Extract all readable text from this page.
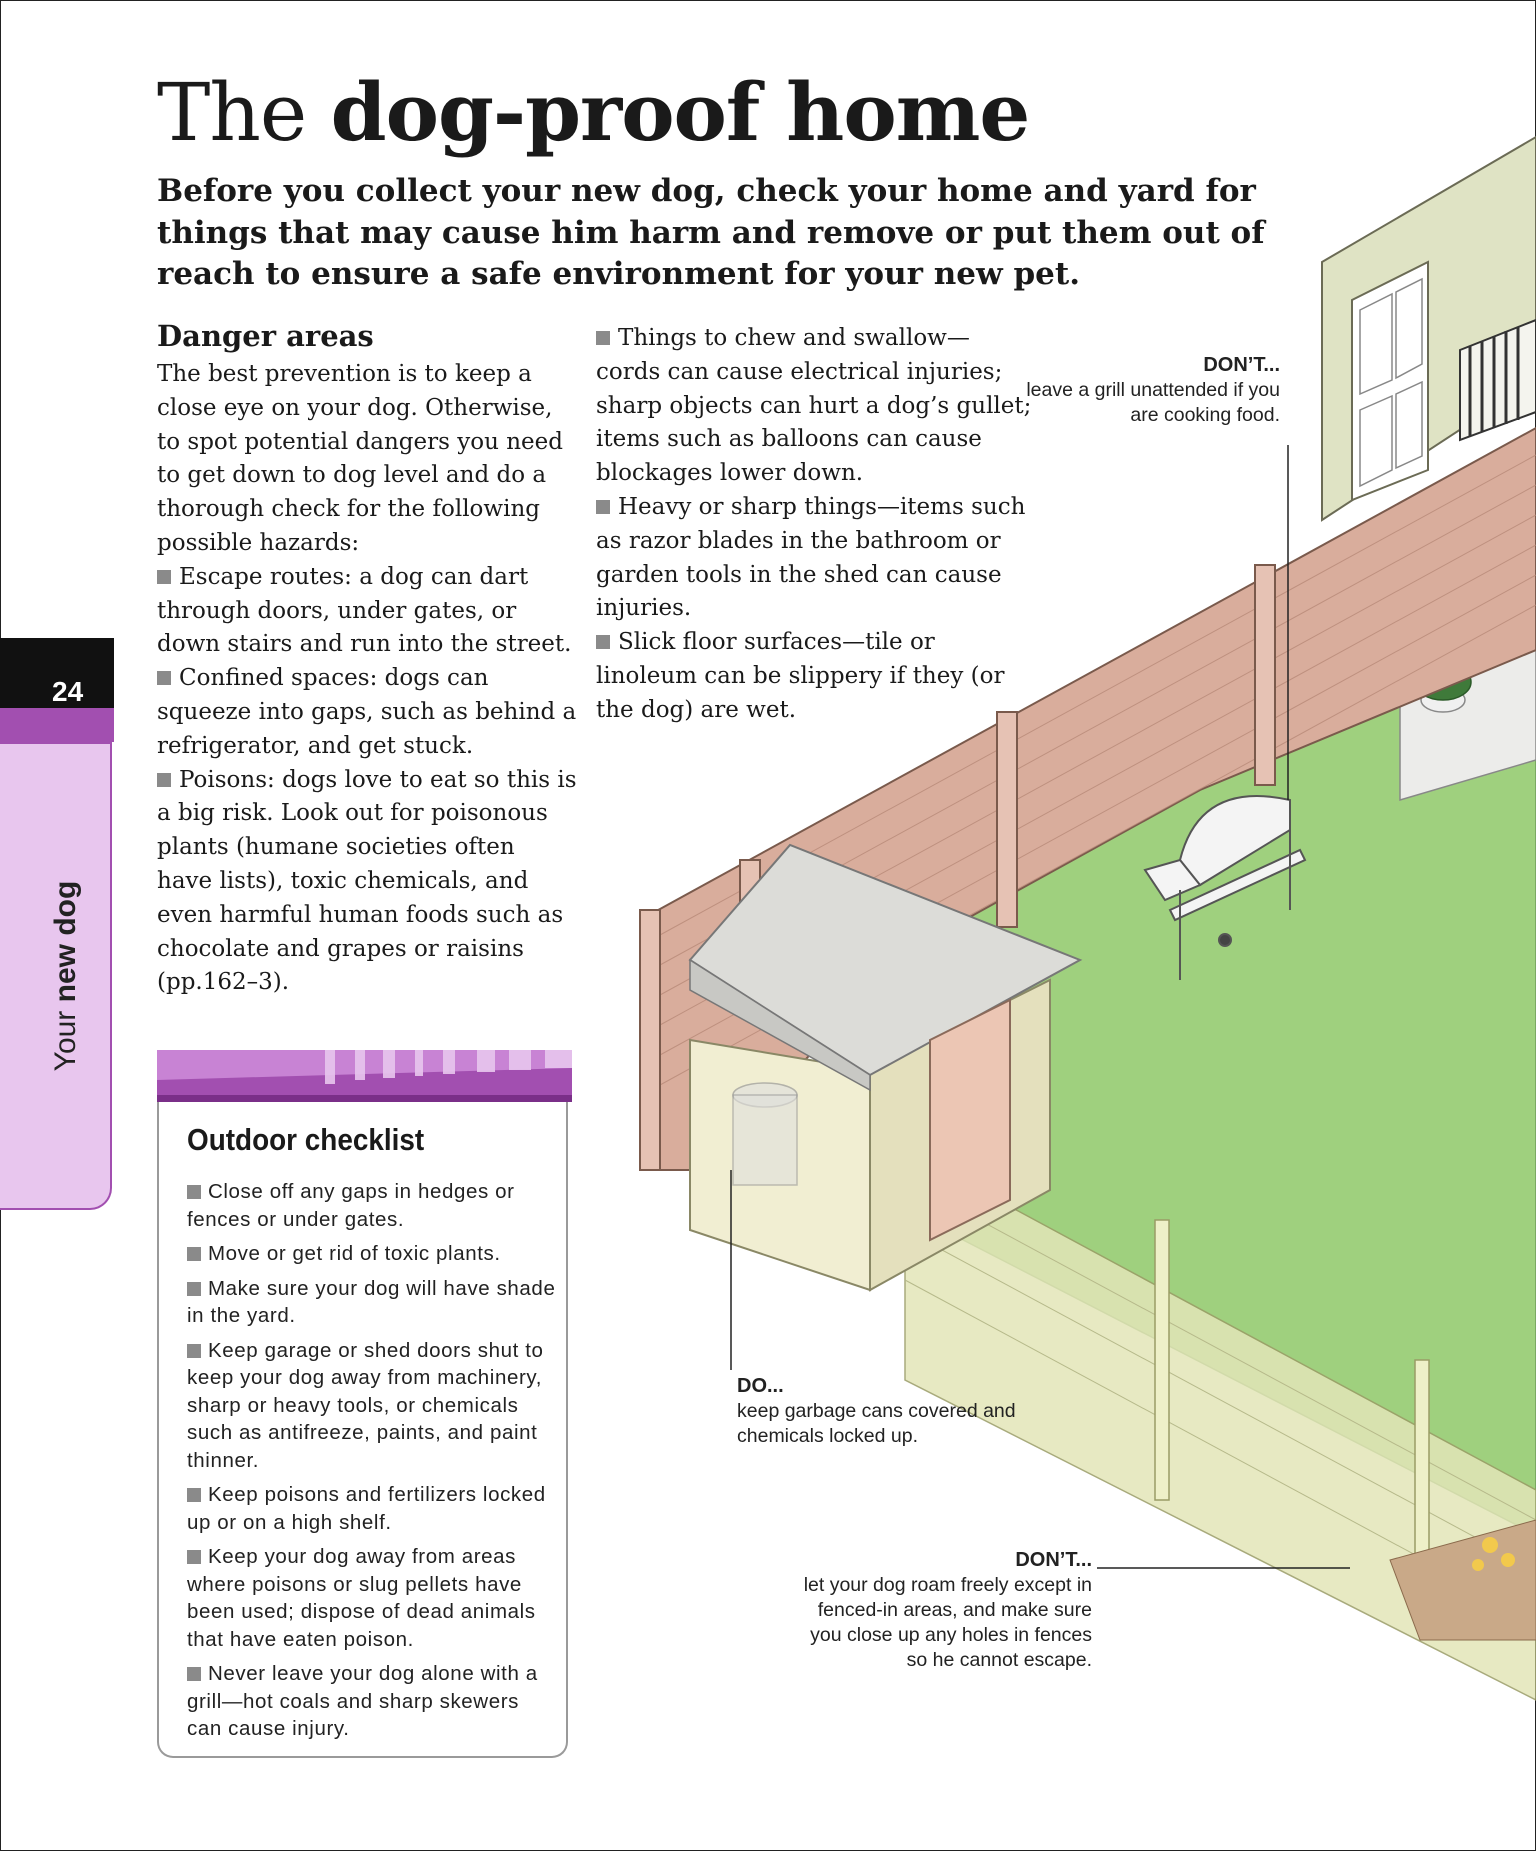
The dog-proof home

Before you collect your new dog, check your home and yard for things that may cause him harm and remove or put them out of reach to ensure a safe environment for your new pet.

Danger areas

The best prevention is to keep a close eye on your dog. Otherwise, to spot potential dangers you need to get down to dog level and do a thorough check for the following possible hazards:

Escape routes: a dog can dart through doors, under gates, or down stairs and run into the street.

Confined spaces: dogs can squeeze into gaps, such as behind a refrigerator, and get stuck.

Poisons: dogs love to eat so this is a big risk. Look out for poisonous plants (humane societies often have lists), toxic chemicals, and even harmful human foods such as chocolate and grapes or raisins (pp.162–3).

Things to chew and swallow— cords can cause electrical injuries; sharp objects can hurt a dog’s gullet; items such as balloons can cause blockages lower down.

Heavy or sharp things—items such as razor blades in the bathroom or garden tools in the shed can cause injuries.

Slick floor surfaces—tile or linoleum can be slippery if they (or the dog) are wet.

24
Your new dog
Outdoor checklist
Close off any gaps in hedges or fences or under gates.
Move or get rid of toxic plants.
Make sure your dog will have shade in the yard.
Keep garage or shed doors shut to keep your dog away from machinery, sharp or heavy tools, or chemicals such as antifreeze, paints, and paint thinner.
Keep poisons and fertilizers locked up or on a high shelf.
Keep your dog away from areas where poisons or slug pellets have been used; dispose of dead animals that have eaten poison.
Never leave your dog alone with a grill—hot coals and sharp skewers can cause injury.
DON’T...
leave a grill unattended if you are cooking food.
DO...
keep garbage cans covered and chemicals locked up.
DON’T...
let your dog roam freely except in fenced-in areas, and make sure you close up any holes in fences so he cannot escape.
